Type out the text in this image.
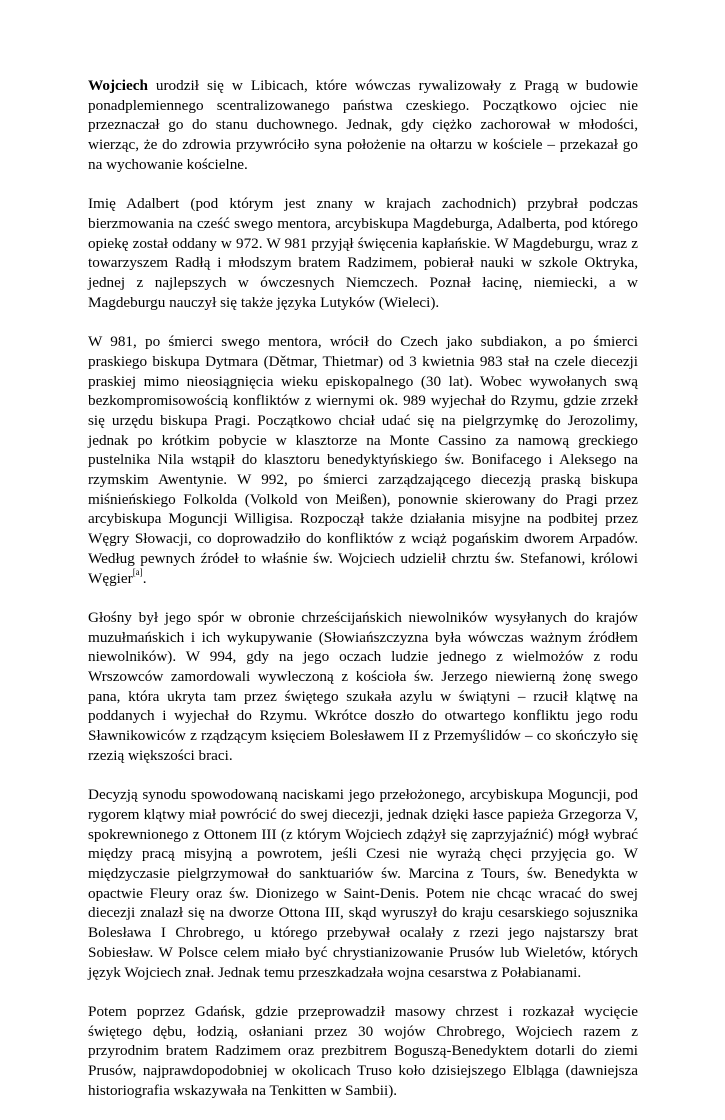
Wojciech urodził się w Libicach, które wówczas rywalizowały z Pragą w budowie ponadplemiennego scentralizowanego państwa czeskiego. Początkowo ojciec nie przeznaczał go do stanu duchownego. Jednak, gdy ciężko zachorował w młodości, wierząc, że do zdrowia przywróciło syna położenie na ołtarzu w kościele – przekazał go na wychowanie kościelne.

Imię Adalbert (pod którym jest znany w krajach zachodnich) przybrał podczas bierzmowania na cześć swego mentora, arcybiskupa Magdeburga, Adalberta, pod którego opiekę został oddany w 972. W 981 przyjął święcenia kapłańskie. W Magdeburgu, wraz z towarzyszem Radłą i młodszym bratem Radzimem, pobierał nauki w szkole Oktryka, jednej z najlepszych w ówczesnych Niemczech. Poznał łacinę, niemiecki, a w Magdeburgu nauczył się także języka Lutyków (Wieleci).

W 981, po śmierci swego mentora, wrócił do Czech jako subdiakon, a po śmierci praskiego biskupa Dytmara (Dětmar, Thietmar) od 3 kwietnia 983 stał na czele diecezji praskiej mimo nieosiągnięcia wieku episkopalnego (30 lat). Wobec wywołanych swą bezkompromisowością konfliktów z wiernymi ok. 989 wyjechał do Rzymu, gdzie zrzekł się urzędu biskupa Pragi. Początkowo chciał udać się na pielgrzymkę do Jerozolimy, jednak po krótkim pobycie w klasztorze na Monte Cassino za namową greckiego pustelnika Nila wstąpił do klasztoru benedyktyńskiego św. Bonifacego i Aleksego na rzymskim Awentynie. W 992, po śmierci zarządzającego diecezją praską biskupa miśnieńskiego Folkolda (Volkold von Meißen), ponownie skierowany do Pragi przez arcybiskupa Moguncji Willigisa. Rozpoczął także działania misyjne na podbitej przez Węgry Słowacji, co doprowadziło do konfliktów z wciąż pogańskim dworem Arpadów. Według pewnych źródeł to właśnie św. Wojciech udzielił chrztu św. Stefanowi, królowi Węgier[a].

Głośny był jego spór w obronie chrześcijańskich niewolników wysyłanych do krajów muzułmańskich i ich wykupywanie (Słowiańszczyzna była wówczas ważnym źródłem niewolników). W 994, gdy na jego oczach ludzie jednego z wielmożów z rodu Wrszowców zamordowali wywleczoną z kościoła św. Jerzego niewierną żonę swego pana, która ukryta tam przez świętego szukała azylu w świątyni – rzucił klątwę na poddanych i wyjechał do Rzymu. Wkrótce doszło do otwartego konfliktu jego rodu Sławnikowiców z rządzącym księciem Bolesławem II z Przemyślidów – co skończyło się rzezią większości braci.

Decyzją synodu spowodowaną naciskami jego przełożonego, arcybiskupa Moguncji, pod rygorem klątwy miał powrócić do swej diecezji, jednak dzięki łasce papieża Grzegorza V, spokrewnionego z Ottonem III (z którym Wojciech zdążył się zaprzyjaźnić) mógł wybrać między pracą misyjną a powrotem, jeśli Czesi nie wyrażą chęci przyjęcia go. W międzyczasie pielgrzymował do sanktuariów św. Marcina z Tours, św. Benedykta w opactwie Fleury oraz św. Dionizego w Saint-Denis. Potem nie chcąc wracać do swej diecezji znalazł się na dworze Ottona III, skąd wyruszył do kraju cesarskiego sojusznika Bolesława I Chrobrego, u którego przebywał ocalały z rzezi jego najstarszy brat Sobiesław. W Polsce celem miało być chrystianizowanie Prusów lub Wieletów, których język Wojciech znał. Jednak temu przeszkadzała wojna cesarstwa z Połabianami.

Potem poprzez Gdańsk, gdzie przeprowadził masowy chrzest i rozkazał wycięcie świętego dębu, łodzią, osłaniani przez 30 wojów Chrobrego, Wojciech razem z przyrodnim bratem Radzimem oraz prezbitrem Boguszą-Benedyktem dotarli do ziemi Prusów, najprawdopodobniej w okolicach Truso koło dzisiejszego Elbląga (dawniejsza historiografia wskazywała na Tenkitten w Sambii).
